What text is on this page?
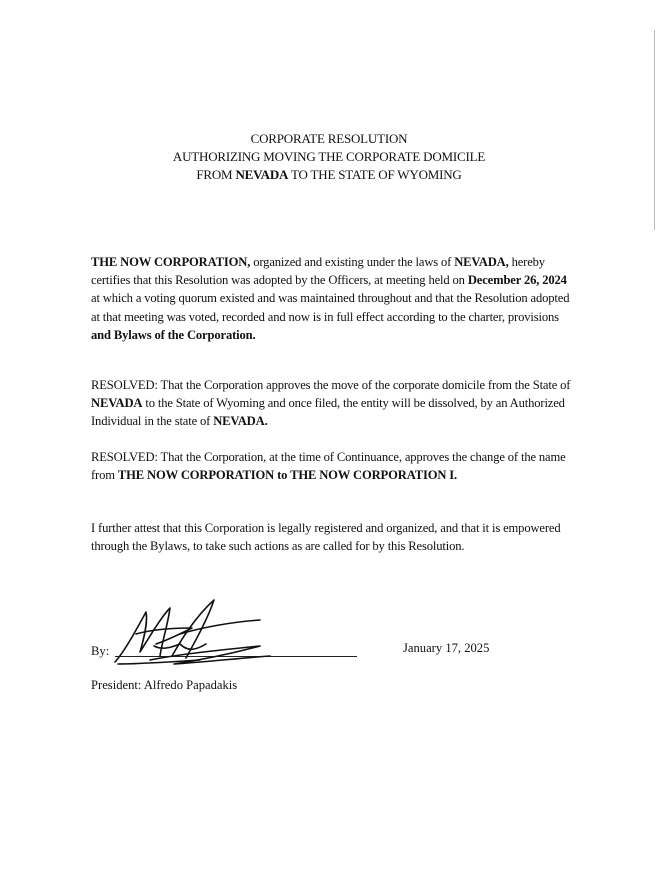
CORPORATE RESOLUTION
AUTHORIZING MOVING THE CORPORATE DOMICILE
FROM NEVADA TO THE STATE OF WYOMING
THE NOW CORPORATION, organized and existing under the laws of NEVADA, hereby certifies that this Resolution was adopted by the Officers, at meeting held on December 26, 2024 at which a voting quorum existed and was maintained throughout and that the Resolution adopted at that meeting was voted, recorded and now is in full effect according to the charter, provisions and Bylaws of the Corporation.
RESOLVED: That the Corporation approves the move of the corporate domicile from the State of NEVADA to the State of Wyoming and once filed, the entity will be dissolved, by an Authorized Individual in the state of NEVADA.
RESOLVED: That the Corporation, at the time of Continuance, approves the change of the name from THE NOW CORPORATION to THE NOW CORPORATION I.
I further attest that this Corporation is legally registered and organized, and that it is empowered through the Bylaws, to take such actions as are called for by this Resolution.
By:	January 17, 2025
President: Alfredo Papadakis
